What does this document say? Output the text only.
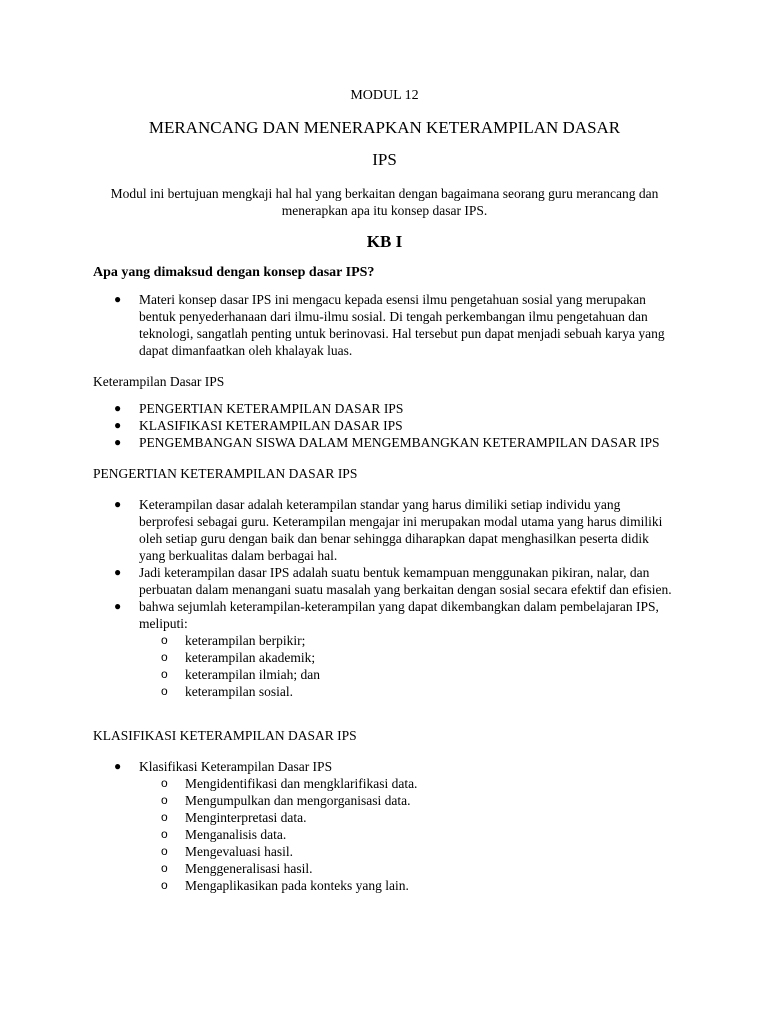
MODUL 12

MERANCANG DAN MENERAPKAN KETERAMPILAN DASAR

IPS

Modul ini bertujuan mengkaji hal hal yang berkaitan dengan bagaimana seorang guru merancang dan menerapkan apa itu konsep dasar IPS.

KB I

Apa yang dimaksud dengan konsep dasar IPS?

● Materi konsep dasar IPS ini mengacu kepada esensi ilmu pengetahuan sosial yang merupakan bentuk penyederhanaan dari ilmu-ilmu sosial. Di tengah perkembangan ilmu pengetahuan dan teknologi, sangatlah penting untuk berinovasi. Hal tersebut pun dapat menjadi sebuah karya yang dapat dimanfaatkan oleh khalayak luas.

Keterampilan Dasar IPS

● PENGERTIAN KETERAMPILAN DASAR IPS
● KLASIFIKASI KETERAMPILAN DASAR IPS
● PENGEMBANGAN SISWA DALAM MENGEMBANGKAN KETERAMPILAN DASAR IPS

PENGERTIAN KETERAMPILAN DASAR IPS

● Keterampilan dasar adalah keterampilan standar yang harus dimiliki setiap individu yang berprofesi sebagai guru. Keterampilan mengajar ini merupakan modal utama yang harus dimiliki oleh setiap guru dengan baik dan benar sehingga diharapkan dapat menghasilkan peserta didik yang berkualitas dalam berbagai hal.
● Jadi keterampilan dasar IPS adalah suatu bentuk kemampuan menggunakan pikiran, nalar, dan perbuatan dalam menangani suatu masalah yang berkaitan dengan sosial secara efektif dan efisien.
● bahwa sejumlah keterampilan-keterampilan yang dapat dikembangkan dalam pembelajaran IPS, meliputi:
o keterampilan berpikir;
o keterampilan akademik;
o keterampilan ilmiah; dan
o keterampilan sosial.

KLASIFIKASI KETERAMPILAN DASAR IPS

● Klasifikasi Keterampilan Dasar IPS
o Mengidentifikasi dan mengklarifikasi data.
o Mengumpulkan dan mengorganisasi data.
o Menginterpretasi data.
o Menganalisis data.
o Mengevaluasi hasil.
o Menggeneralisasi hasil.
o Mengaplikasikan pada konteks yang lain.
